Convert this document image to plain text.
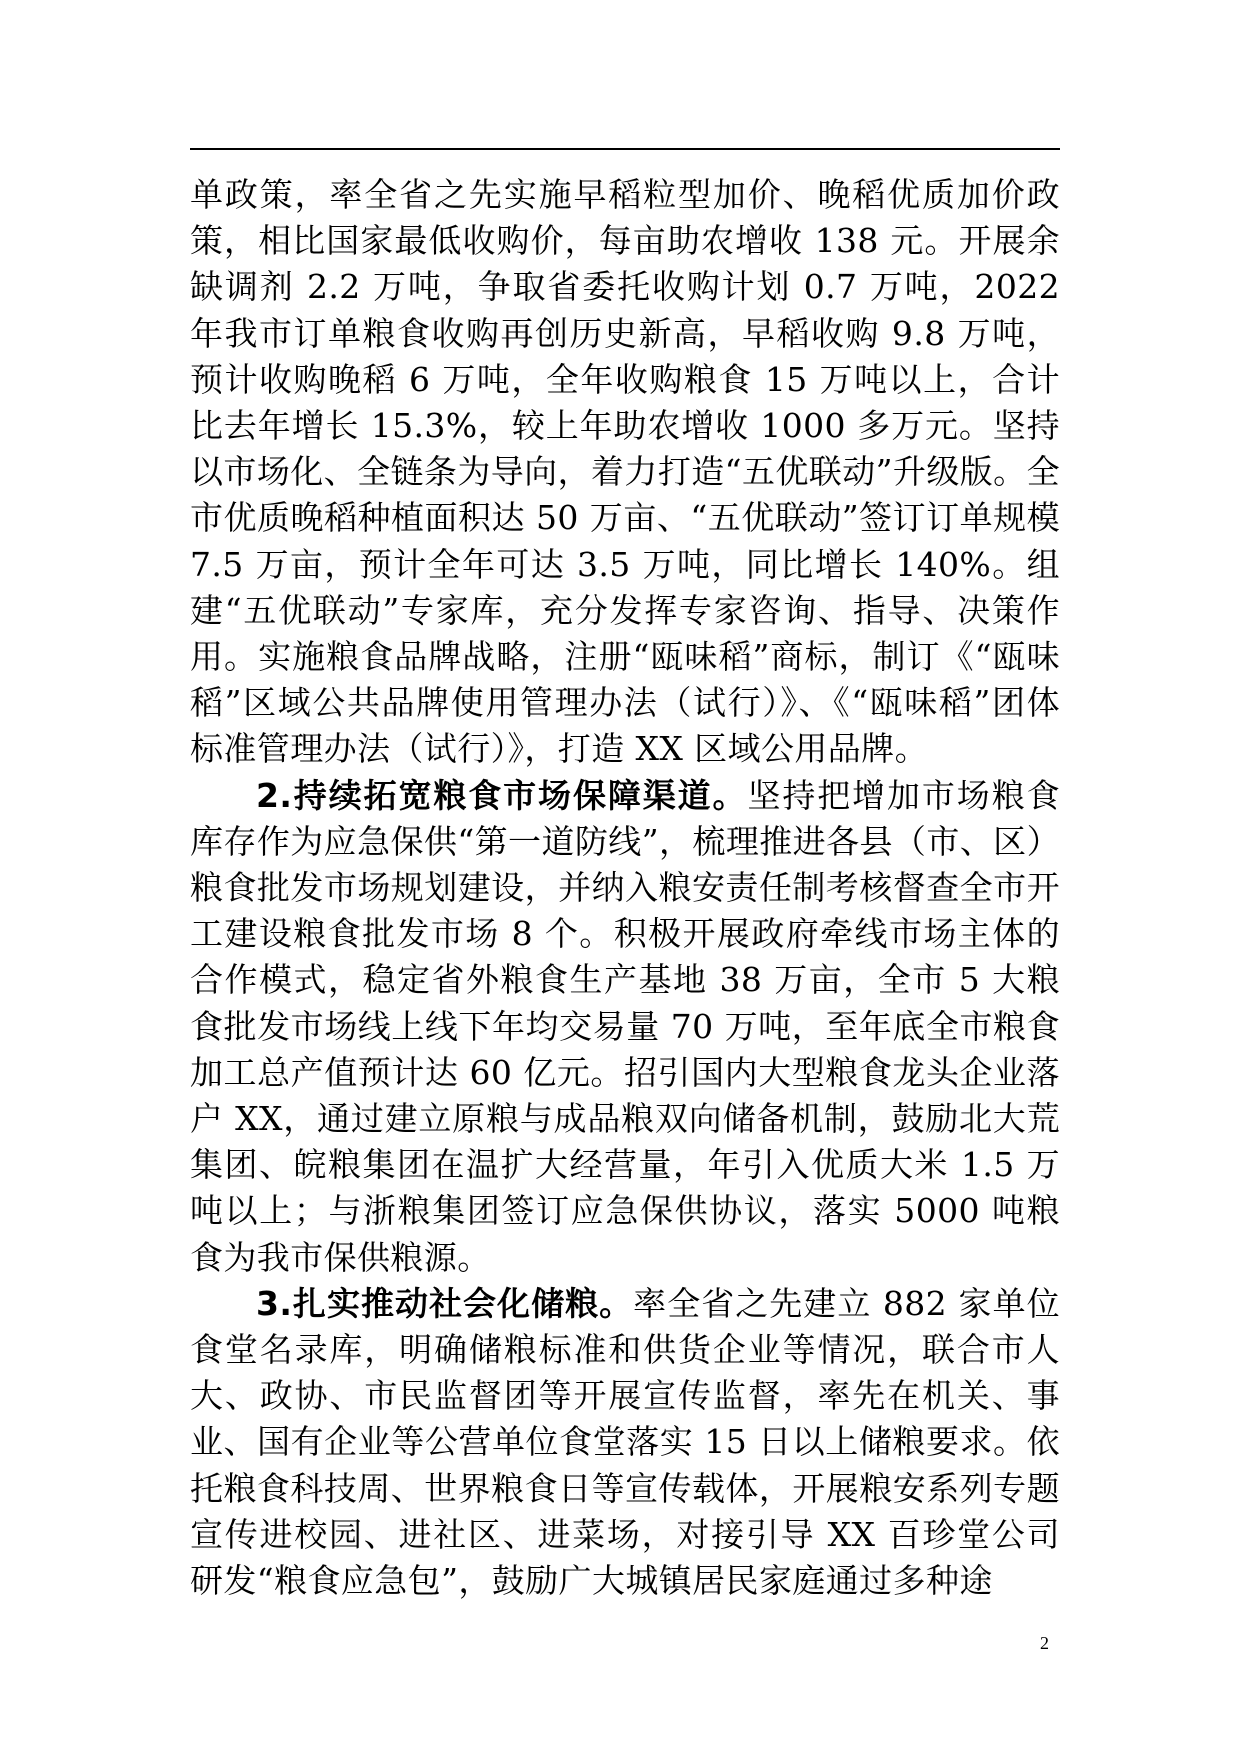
单政策，率全省之先实施早稻粒型加价、晚稻优质加价政策，相比国家最低收购价，每亩助农增收 138 元。开展余缺调剂 2.2 万吨，争取省委托收购计划 0.7 万吨，2022 年我市订单粮食收购再创历史新高，早稻收购 9.8 万吨，预计收购晚稻 6 万吨，全年收购粮食 15 万吨以上，合计比去年增长 15.3%，较上年助农增收 1000 多万元。坚持以市场化、全链条为导向，着力打造“五优联动”升级版。全市优质晚稻种植面积达 50 万亩、“五优联动”签订订单规模 7.5 万亩，预计全年可达 3.5 万吨，同比增长 140%。组建“五优联动”专家库，充分发挥专家咨询、指导、决策作用。实施粮食品牌战略，注册“瓯味稻”商标，制订《“瓯味稻”区域公共品牌使用管理办法（试行）》、《“瓯味稻”团体标准管理办法（试行）》，打造 XX 区域公用品牌。

2.持续拓宽粮食市场保障渠道。坚持把增加市场粮食库存作为应急保供“第一道防线”，梳理推进各县（市、区）粮食批发市场规划建设，并纳入粮安责任制考核督查全市开工建设粮食批发市场 8 个。积极开展政府牵线市场主体的合作模式，稳定省外粮食生产基地 38 万亩，全市 5 大粮食批发市场线上线下年均交易量 70 万吨，至年底全市粮食加工总产值预计达 60 亿元。招引国内大型粮食龙头企业落户 XX，通过建立原粮与成品粮双向储备机制，鼓励北大荒集团、皖粮集团在温扩大经营量，年引入优质大米 1.5 万吨以上；与浙粮集团签订应急保供协议，落实 5000 吨粮食为我市保供粮源。

3.扎实推动社会化储粮。率全省之先建立 882 家单位食堂名录库，明确储粮标准和供货企业等情况，联合市人大、政协、市民监督团等开展宣传监督，率先在机关、事业、国有企业等公营单位食堂落实 15 日以上储粮要求。依托粮食科技周、世界粮食日等宣传载体，开展粮安系列专题宣传进校园、进社区、进菜场，对接引导 XX 百珍堂公司研发“粮食应急包”，鼓励广大城镇居民家庭通过多种途

2
